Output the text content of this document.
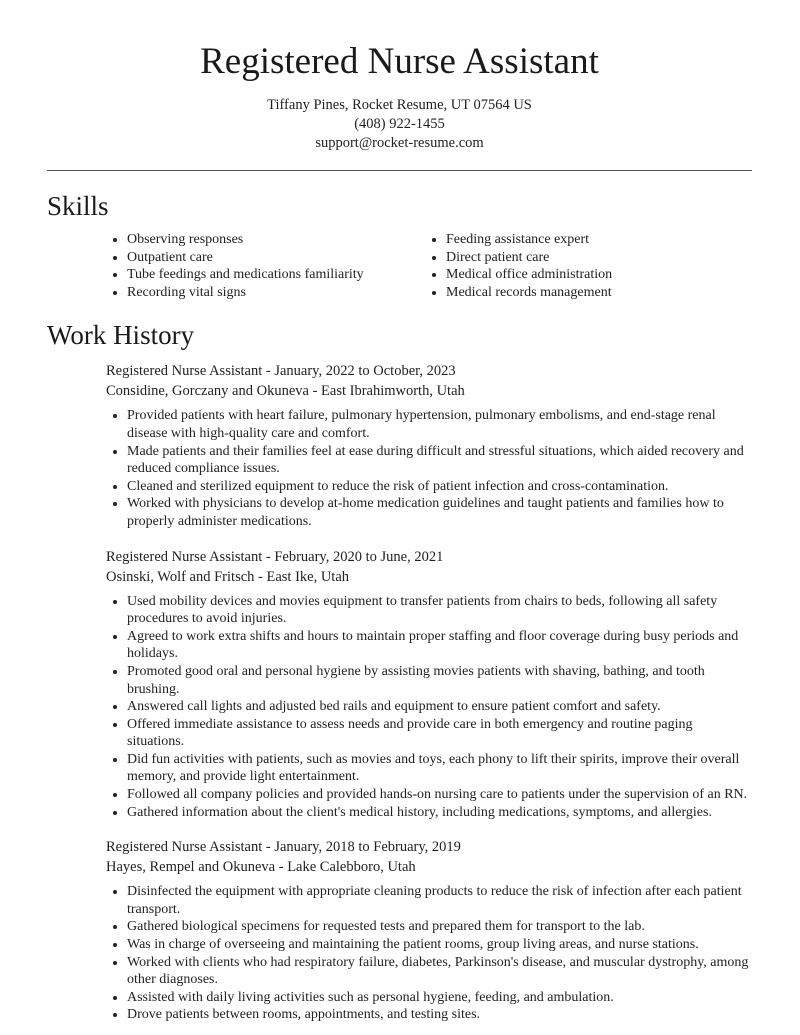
Registered Nurse Assistant
Tiffany Pines, Rocket Resume, UT 07564 US
(408) 922-1455
support@rocket-resume.com
Skills
• Observing responses
• Outpatient care
• Tube feedings and medications familiarity
• Recording vital signs
• Feeding assistance expert
• Direct patient care
• Medical office administration
• Medical records management
Work History
Registered Nurse Assistant - January, 2022 to October, 2023
Considine, Gorczany and Okuneva - East Ibrahimworth, Utah
• Provided patients with heart failure, pulmonary hypertension, pulmonary embolisms, and end-stage renal disease with high-quality care and comfort.
• Made patients and their families feel at ease during difficult and stressful situations, which aided recovery and reduced compliance issues.
• Cleaned and sterilized equipment to reduce the risk of patient infection and cross-contamination.
• Worked with physicians to develop at-home medication guidelines and taught patients and families how to properly administer medications.
Registered Nurse Assistant - February, 2020 to June, 2021
Osinski, Wolf and Fritsch - East Ike, Utah
• Used mobility devices and movies equipment to transfer patients from chairs to beds, following all safety procedures to avoid injuries.
• Agreed to work extra shifts and hours to maintain proper staffing and floor coverage during busy periods and holidays.
• Promoted good oral and personal hygiene by assisting movies patients with shaving, bathing, and tooth brushing.
• Answered call lights and adjusted bed rails and equipment to ensure patient comfort and safety.
• Offered immediate assistance to assess needs and provide care in both emergency and routine paging situations.
• Did fun activities with patients, such as movies and toys, each phony to lift their spirits, improve their overall memory, and provide light entertainment.
• Followed all company policies and provided hands-on nursing care to patients under the supervision of an RN.
• Gathered information about the client's medical history, including medications, symptoms, and allergies.
Registered Nurse Assistant - January, 2018 to February, 2019
Hayes, Rempel and Okuneva - Lake Calebboro, Utah
• Disinfected the equipment with appropriate cleaning products to reduce the risk of infection after each patient transport.
• Gathered biological specimens for requested tests and prepared them for transport to the lab.
• Was in charge of overseeing and maintaining the patient rooms, group living areas, and nurse stations.
• Worked with clients who had respiratory failure, diabetes, Parkinson's disease, and muscular dystrophy, among other diagnoses.
• Assisted with daily living activities such as personal hygiene, feeding, and ambulation.
• Drove patients between rooms, appointments, and testing sites.
